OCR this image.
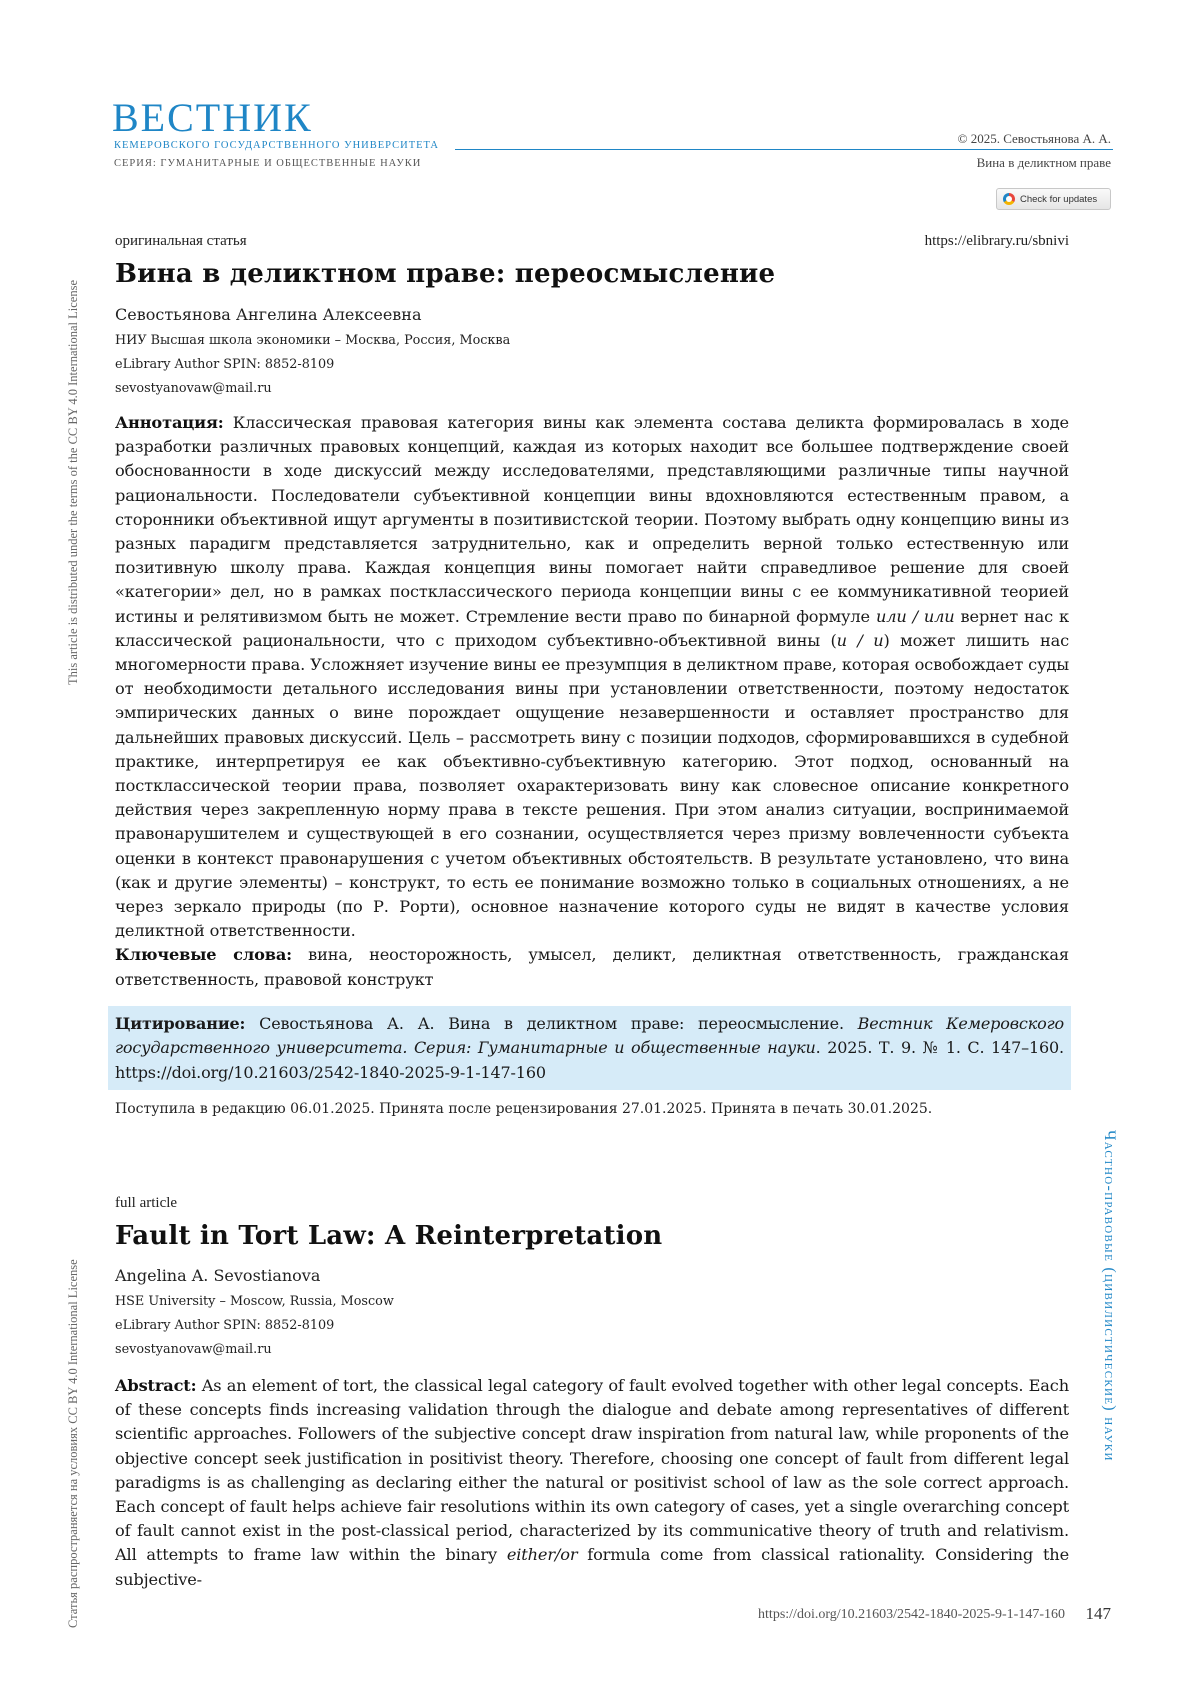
ВЕСТНИК
КЕМЕРОВСКОГО ГОСУДАРСТВЕННОГО УНИВЕРСИТЕТА
СЕРИЯ: ГУМАНИТАРНЫЕ И ОБЩЕСТВЕННЫЕ НАУКИ
© 2025. Севостьянова А. А.
Вина в деликтном праве
Check for updates
This article is distributed under the terms of the CC BY 4.0 International License
Статья распространяется на условиях CC BY 4.0 International License	Частно-правовые (цивилистические) науки
оригинальная статья	https://elibrary.ru/sbnivi
Вина в деликтном праве: переосмысление
Севостьянова Ангелина Алексеевна
НИУ Высшая школа экономики – Москва, Россия, Москва
eLibrary Author SPIN: 8852-8109
sevostyanovaw@mail.ru
Аннотация: Классическая правовая категория вины как элемента состава деликта формировалась в ходе разработки различных правовых концепций, каждая из которых находит все большее подтверждение своей обоснованности в ходе дискуссий между исследователями, представляющими различные типы научной рациональности. Последователи субъективной концепции вины вдохновляются естественным правом, а сторонники объективной ищут аргументы в позитивистской теории. Поэтому выбрать одну концепцию вины из разных парадигм представляется затруднительно, как и определить верной только естественную или позитивную школу права. Каждая концепция вины помогает найти справедливое решение для своей «категории» дел, но в рамках постклассического периода концепции вины с ее коммуникативной теорией истины и релятивизмом быть не может. Стремление вести право по бинарной формуле или / или вернет нас к классической рациональности, что с приходом субъективно-объективной вины (и / и) может лишить нас многомерности права. Усложняет изучение вины ее презумпция в деликтном праве, которая освобождает суды от необходимости детального исследования вины при установлении ответственности, поэтому недостаток эмпирических данных о вине порождает ощущение незавершенности и оставляет пространство для дальнейших правовых дискуссий. Цель – рассмотреть вину с позиции подходов, сформировавшихся в судебной практике, интерпретируя ее как объективно-субъективную категорию. Этот подход, основанный на постклассической теории права, позволяет охарактеризовать вину как словесное описание конкретного действия через закрепленную норму права в тексте решения. При этом анализ ситуации, воспринимаемой правонарушителем и существующей в его сознании, осуществляется через призму вовлеченности субъекта оценки в контекст правонарушения с учетом объективных обстоятельств. В результате установлено, что вина (как и другие элементы) – конструкт, то есть ее понимание возможно только в социальных отношениях, а не через зеркало природы (по Р. Рорти), основное назначение которого суды не видят в качестве условия деликтной ответственности.
Ключевые слова: вина, неосторожность, умысел, деликт, деликтная ответственность, гражданская ответственность, правовой конструкт
Цитирование: Севостьянова А. А. Вина в деликтном праве: переосмысление. Вестник Кемеровского государственного университета. Серия: Гуманитарные и общественные науки. 2025. Т. 9. № 1. С. 147–160. https://doi.org/10.21603/2542-1840-2025-9-1-147-160
Поступила в редакцию 06.01.2025. Принята после рецензирования 27.01.2025. Принята в печать 30.01.2025.
full article
Fault in Tort Law: A Reinterpretation
Angelina A. Sevostianova
HSE University – Moscow, Russia, Moscow
eLibrary Author SPIN: 8852-8109
sevostyanovaw@mail.ru
Abstract: As an element of tort, the classical legal category of fault evolved together with other legal concepts. Each of these concepts finds increasing validation through the dialogue and debate among representatives of different scientific approaches. Followers of the subjective concept draw inspiration from natural law, while proponents of the objective concept seek justification in positivist theory. Therefore, choosing one concept of fault from different legal paradigms is as challenging as declaring either the natural or positivist school of law as the sole correct approach. Each concept of fault helps achieve fair resolutions within its own category of cases, yet a single overarching concept of fault cannot exist in the post-classical period, characterized by its communicative theory of truth and relativism. All attempts to frame law within the binary either/or formula come from classical rationality. Considering the subjective-
https://doi.org/10.21603/2542-1840-2025-9-1-147-160 147
